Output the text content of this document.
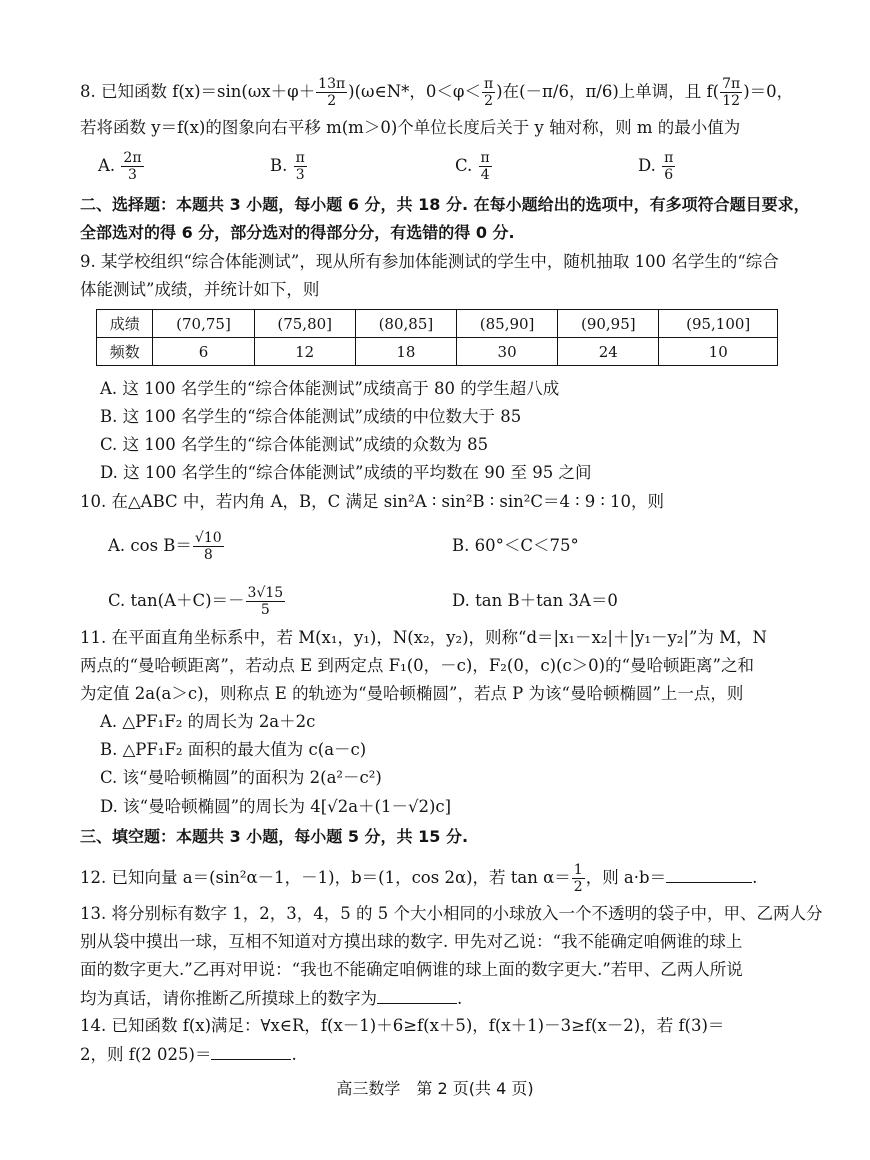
8. 已知函数 $f(x)=\sin(\omega x+\varphi+ \frac{13\pi}{2}$ )(ω∈N*，$0<\varphi< \frac{\pi}{2}$ )在(－π/6，π/6)上单调，且 $f( \frac{7\pi}{12} )=0$，
若将函数 y＝f(x)的图象向右平移 m(m＞0)个单位长度后关于 y 轴对称，则 m 的最小值为
A. $\frac{2\pi}{3}$	B. $\frac{\pi}{3}$	C. $\frac{\pi}{4}$	D. $\frac{\pi}{6}$
二、选择题：本题共 3 小题，每小题 6 分，共 18 分. 在每小题给出的选项中，有多项符合题目要求，
全部选对的得 6 分，部分选对的得部分分，有选错的得 0 分.
9. 某学校组织“综合体能测试”，现从所有参加体能测试的学生中，随机抽取 100 名学生的“综合
体能测试”成绩，并统计如下，则
成绩	(70,75]	(75,80]	(80,85]	(85,90]	(90,95]	(95,100]
频数	6	12	18	30	24	10
A. 这 100 名学生的“综合体能测试”成绩高于 80 的学生超八成
B. 这 100 名学生的“综合体能测试”成绩的中位数大于 85
C. 这 100 名学生的“综合体能测试”成绩的众数为 85
D. 这 100 名学生的“综合体能测试”成绩的平均数在 90 至 95 之间
10. 在△ABC 中，若内角 A，B，C 满足 sin²A ∶ sin²B ∶ sin²C＝4 ∶ 9 ∶ 10，则
A. $\cos B= \frac{√10}{8}$	B. 60°＜C＜75°
C. $\tan(A+C)=- \frac{3√15}{5}$	D. tan B＋tan 3A＝0
11. 在平面直角坐标系中，若 M(x₁，y₁)，N(x₂，y₂)，则称“d＝|x₁－x₂|＋|y₁－y₂|”为 M，N
两点的“曼哈顿距离”，若动点 E 到两定点 F₁(0，－c)，F₂(0，c)(c＞0)的“曼哈顿距离”之和
为定值 2a(a＞c)，则称点 E 的轨迹为“曼哈顿椭圆”，若点 P 为该“曼哈顿椭圆”上一点，则
A. △PF₁F₂ 的周长为 2a＋2c
B. △PF₁F₂ 面积的最大值为 c(a－c)
C. 该“曼哈顿椭圆”的面积为 2(a²－c²)
D. 该“曼哈顿椭圆”的周长为 4[√2a＋(1－√2)c]
三、填空题：本题共 3 小题，每小题 5 分，共 15 分.
12. 已知向量 a＝(sin²α－1，－1)，b＝(1，cos 2α)，若 $\tan \alpha= \frac{1}{2}$ ，则 a·b＝	.
13. 将分别标有数字 1，2，3，4，5 的 5 个大小相同的小球放入一个不透明的袋子中，甲、乙两人分
别从袋中摸出一球，互相不知道对方摸出球的数字. 甲先对乙说：“我不能确定咱俩谁的球上
面的数字更大.”乙再对甲说：“我也不能确定咱俩谁的球上面的数字更大.”若甲、乙两人所说
均为真话，请你推断乙所摸球上的数字为	.
14. 已知函数 f(x)满足：∀x∈R，f(x－1)＋6≥f(x＋5)，f(x＋1)－3≥f(x－2)，若 f(3)＝
2，则 f(2 025)＝	.
高三数学　第 2 页(共 4 页)
